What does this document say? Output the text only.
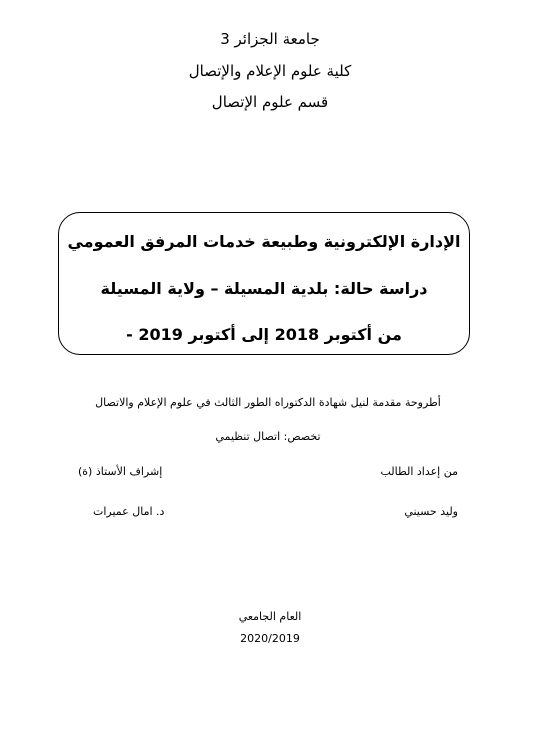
جامعة الجزائر 3
كلية علوم الإعلام والإتصال
قسم علوم الإتصال
الإدارة الإلكترونية وطبيعة خدمات المرفق العمومي
دراسة حالة: بلدية المسيلة – ولاية المسيلة
من أكتوبر 2018 إلى أكتوبر 2019 -
أطروحة مقدمة لنيل شهادة الدكتوراه الطور الثالث في علوم الإعلام والاتصال
تخصص: اتصال تنظيمي
من إعداد الطالب
إشراف الأستاذ (ة)
وليد حسيني
د. امال عميرات
العام الجامعي
2020/2019
